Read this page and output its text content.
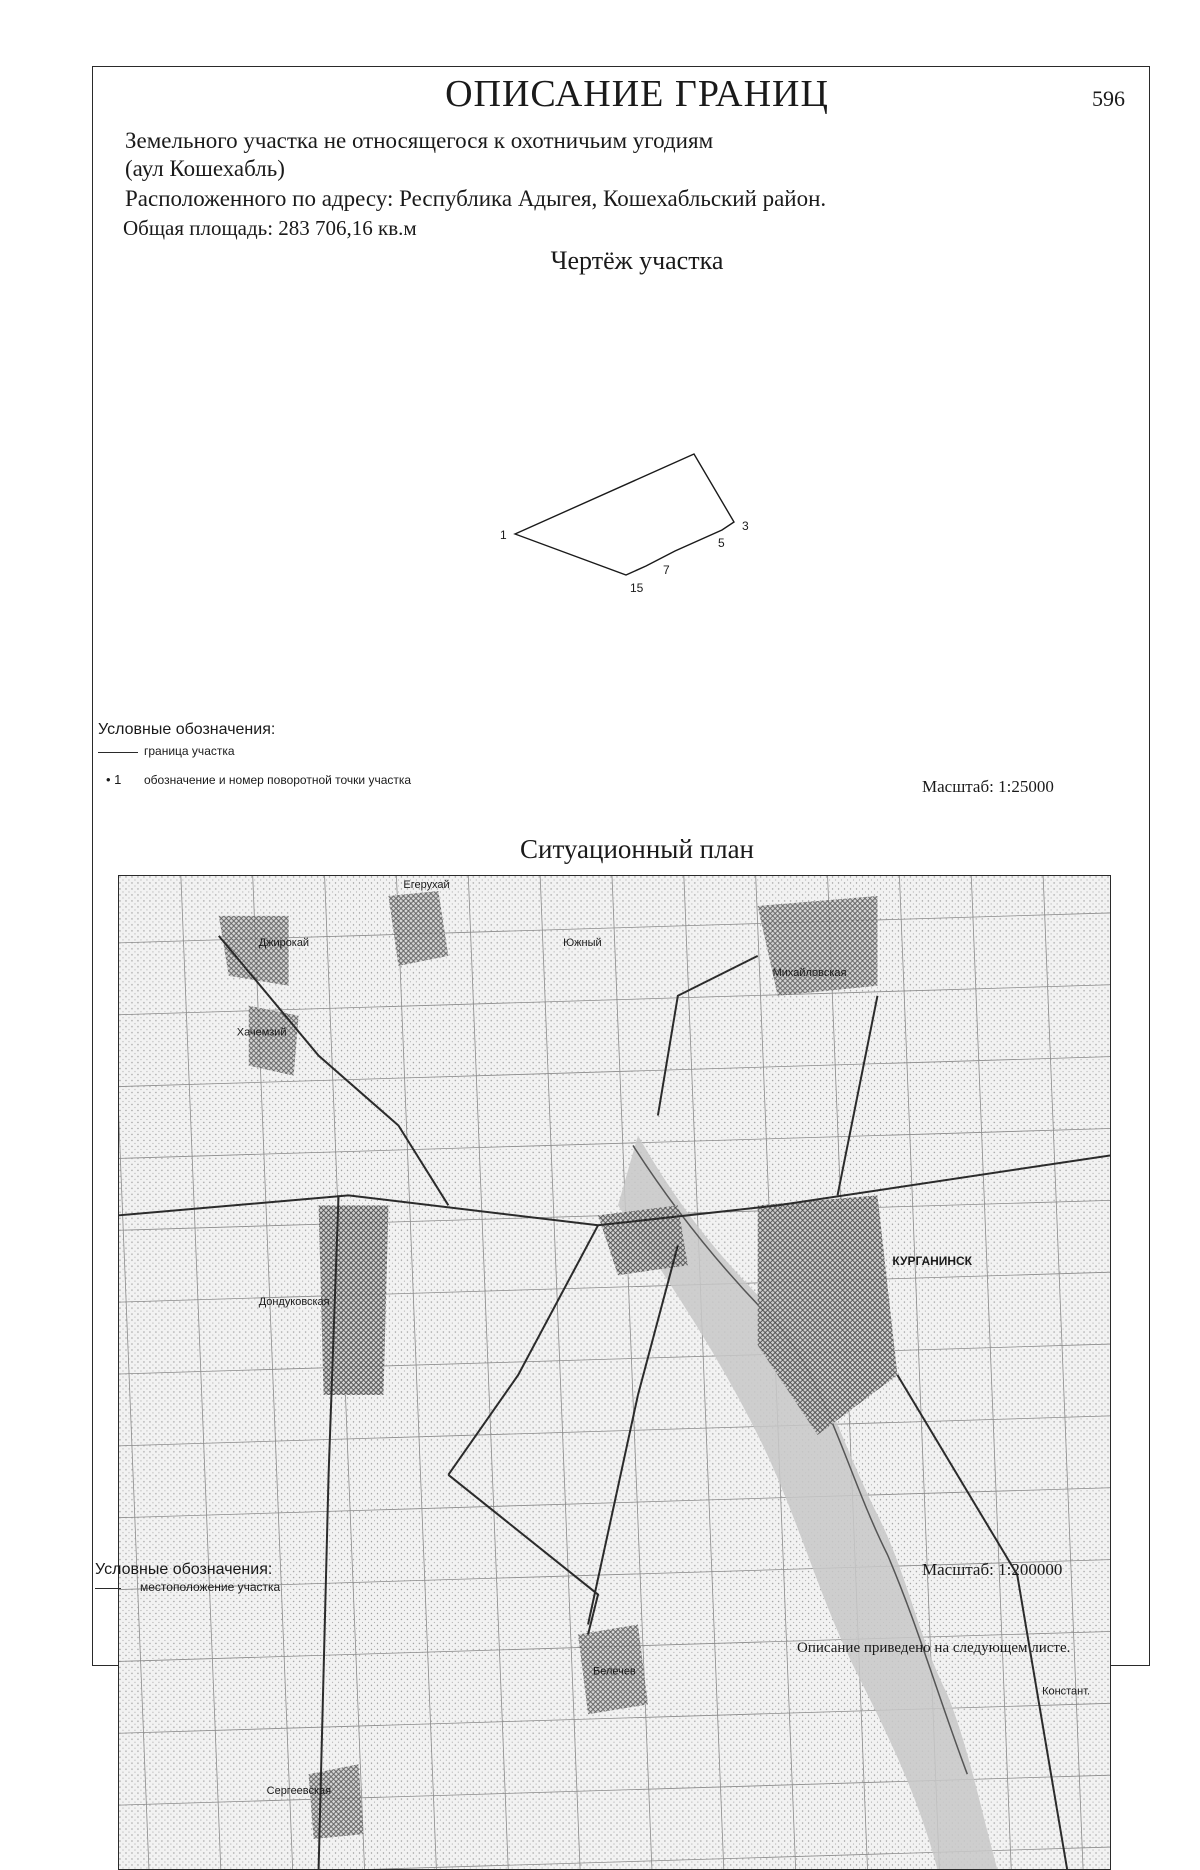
ОПИСАНИЕ ГРАНИЦ	596
Земельного участка не относящегося к охотничьим угодиям
(аул Кошехабль)
Расположенного по адресу: Республика Адыгея, Кошехабльский район.
Общая площадь: 283 706,16 кв.м
Чертёж участка
1
3
5
7
15
Условные обозначения:
граница участка
• 1 обозначение и номер поворотной точки участка	Масштаб: 1:25000
Ситуационный план
Джирокай
Егерухай
Южный
Михайловская
Хачемзий
КУРГАНИНСК
Дондуковская
Белечев
Сергеевская
Констант.
Условные обозначения:
местоположение участка
Масштаб: 1:200000
Описание приведено на следующем листе.
